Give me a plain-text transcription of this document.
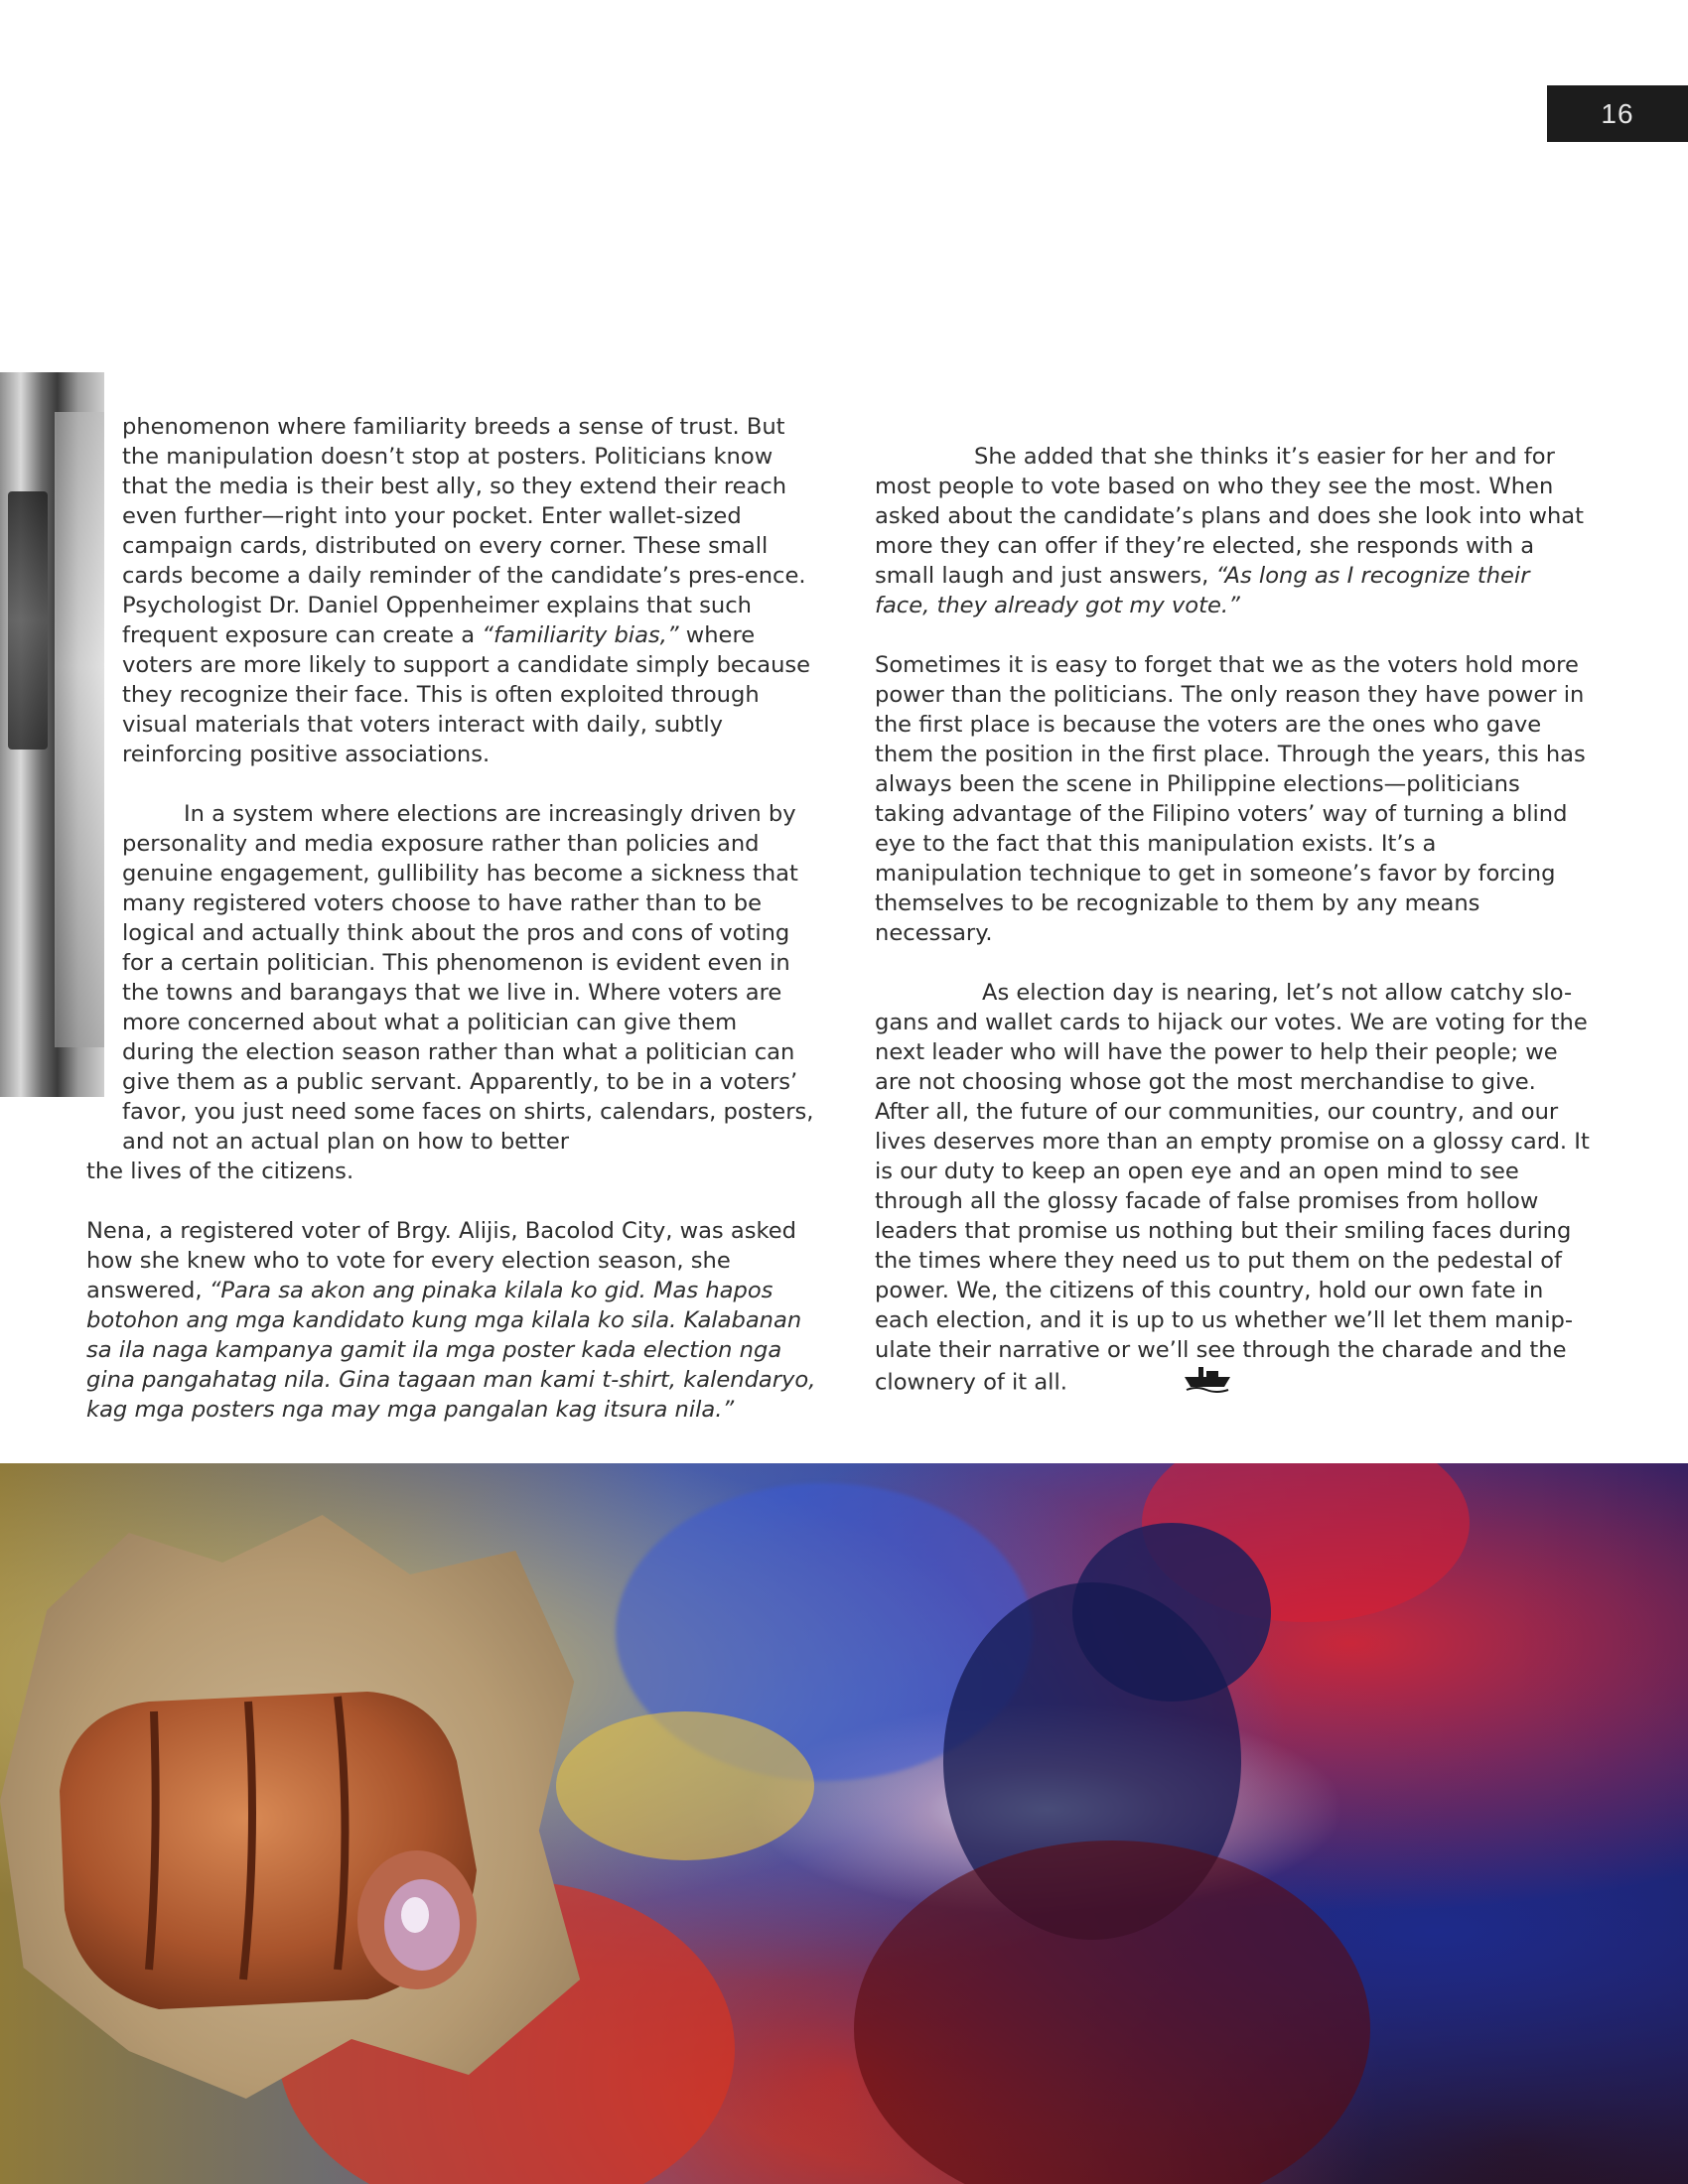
16

phenomenon where familiarity breeds a sense of trust. But the manipulation doesn’t stop at posters. Politicians know that the media is their best ally, so they extend their reach even further—right into your pocket. Enter wallet-sized campaign cards, distributed on every corner. These small cards become a daily reminder of the candidate’s pres-ence. Psychologist Dr. Daniel Oppenheimer explains that such frequent exposure can create a “familiarity bias,” where voters are more likely to support a candidate simply because they recognize their face. This is often exploited through visual materials that voters interact with daily, subtly reinforcing positive associations.

In a system where elections are increasingly driven by personality and media exposure rather than policies and genuine engagement, gullibility has become a sickness that many registered voters choose to have rather than to be logical and actually think about the pros and cons of voting for a certain politician. This phenomenon is evident even in the towns and barangays that we live in. Where voters are more concerned about what a politician can give them during the election season rather than what a politician can give them as a public servant. Apparently, to be in a voters’ favor, you just need some faces on shirts, calendars, posters, and not an actual plan on how to better

the lives of the citizens.

Nena, a registered voter of Brgy. Alijis, Bacolod City, was asked how she knew who to vote for every election season, she answered, “Para sa akon ang pinaka kilala ko gid. Mas hapos botohon ang mga kandidato kung mga kilala ko sila. Kalabanan sa ila naga kampanya gamit ila mga poster kada election nga gina pangahatag nila. Gina tagaan man kami t-shirt, kalendaryo, kag mga posters nga may mga pangalan kag itsura nila.”

She added that she thinks it’s easier for her and for most people to vote based on who they see the most. When asked about the candidate’s plans and does she look into what more they can offer if they’re elected, she responds with a small laugh and just answers, “As long as I recognize their face, they already got my vote.”

Sometimes it is easy to forget that we as the voters hold more power than the politicians. The only reason they have power in the first place is because the voters are the ones who gave them the position in the first place. Through the years, this has always been the scene in Philippine elections—politicians taking advantage of the Filipino voters’ way of turning a blind eye to the fact that this manipulation exists. It’s a manipulation technique to get in someone’s favor by forcing themselves to be recognizable to them by any means necessary.

As election day is nearing, let’s not allow catchy slo-gans and wallet cards to hijack our votes. We are voting for the next leader who will have the power to help their people; we are not choosing whose got the most merchandise to give. After all, the future of our communities, our country, and our lives deserves more than an empty promise on a glossy card. It is our duty to keep an open eye and an open mind to see through all the glossy facade of false promises from hollow leaders that promise us nothing but their smiling faces during the times where they need us to put them on the pedestal of power. We, the citizens of this country, hold our own fate in each election, and it is up to us whether we’ll let them manip-ulate their narrative or we’ll see through the charade and the clownery of it all.
